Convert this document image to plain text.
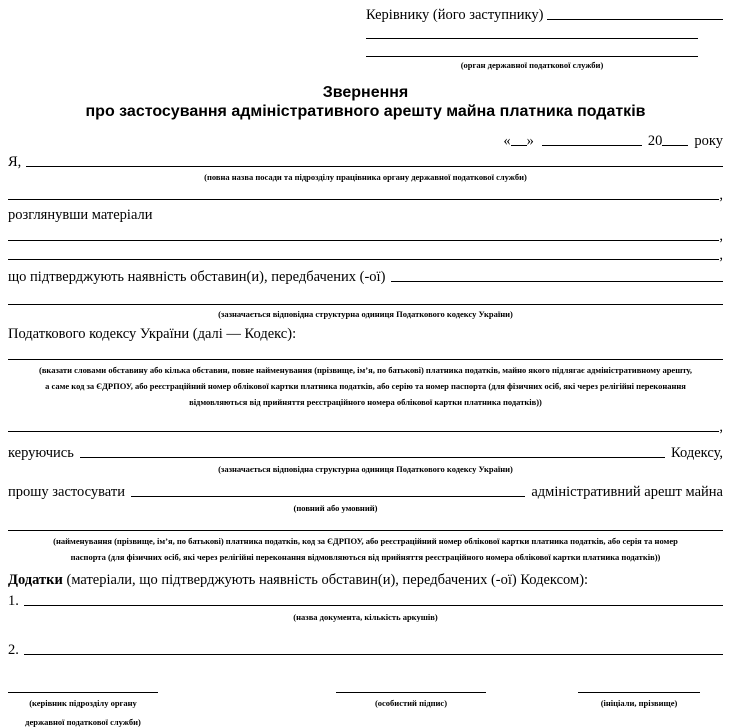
Керівнику (його заступнику)
(орган державної податкової служби)
Звернення
про застосування адміністративного арешту майна платника податків
« »	20 року
Я,
(повна назва посади та підрозділу працівника органу державної податкової служби)
,
розглянувши матеріали
,
,
що підтверджують наявність обставин(и), передбачених (-ої)
(зазначається відповідна структурна одиниця Податкового кодексу України)
Податкового кодексу України (далі — Кодекс):
(вказати словами обставину або кілька обставин, повне найменування (прізвище, ім’я, по батькові) платника податків, майно якого підлягає адміністративному арешту,
а саме код за ЄДРПОУ, або реєстраційний номер облікової картки платника податків, або серію та номер паспорта (для фізичних осіб, які через релігійні переконання
відмовляються від прийняття реєстраційного номера облікової картки платника податків))
,
керуючись	Кодексу,
(зазначається відповідна структурна одиниця Податкового кодексу України)
прошу застосувати	адміністративний арешт майна
(повний або умовний)
(найменування (прізвище, ім’я, по батькові) платника податків, код за ЄДРПОУ, або реєстраційний номер облікової картки платника податків, або серія та номер
паспорта (для фізичних осіб, які через релігійні переконання відмовляються від прийняття реєстраційного номера облікової картки платника податків))
Додатки (матеріали, що підтверджують наявність обставин(и), передбачених (-ої) Кодексом):
1.
(назва документа, кількість аркушів)
2.
(керівник підрозділу органу
державної податкової служби)
(особистий підпис)	(ініціали, прізвище)
